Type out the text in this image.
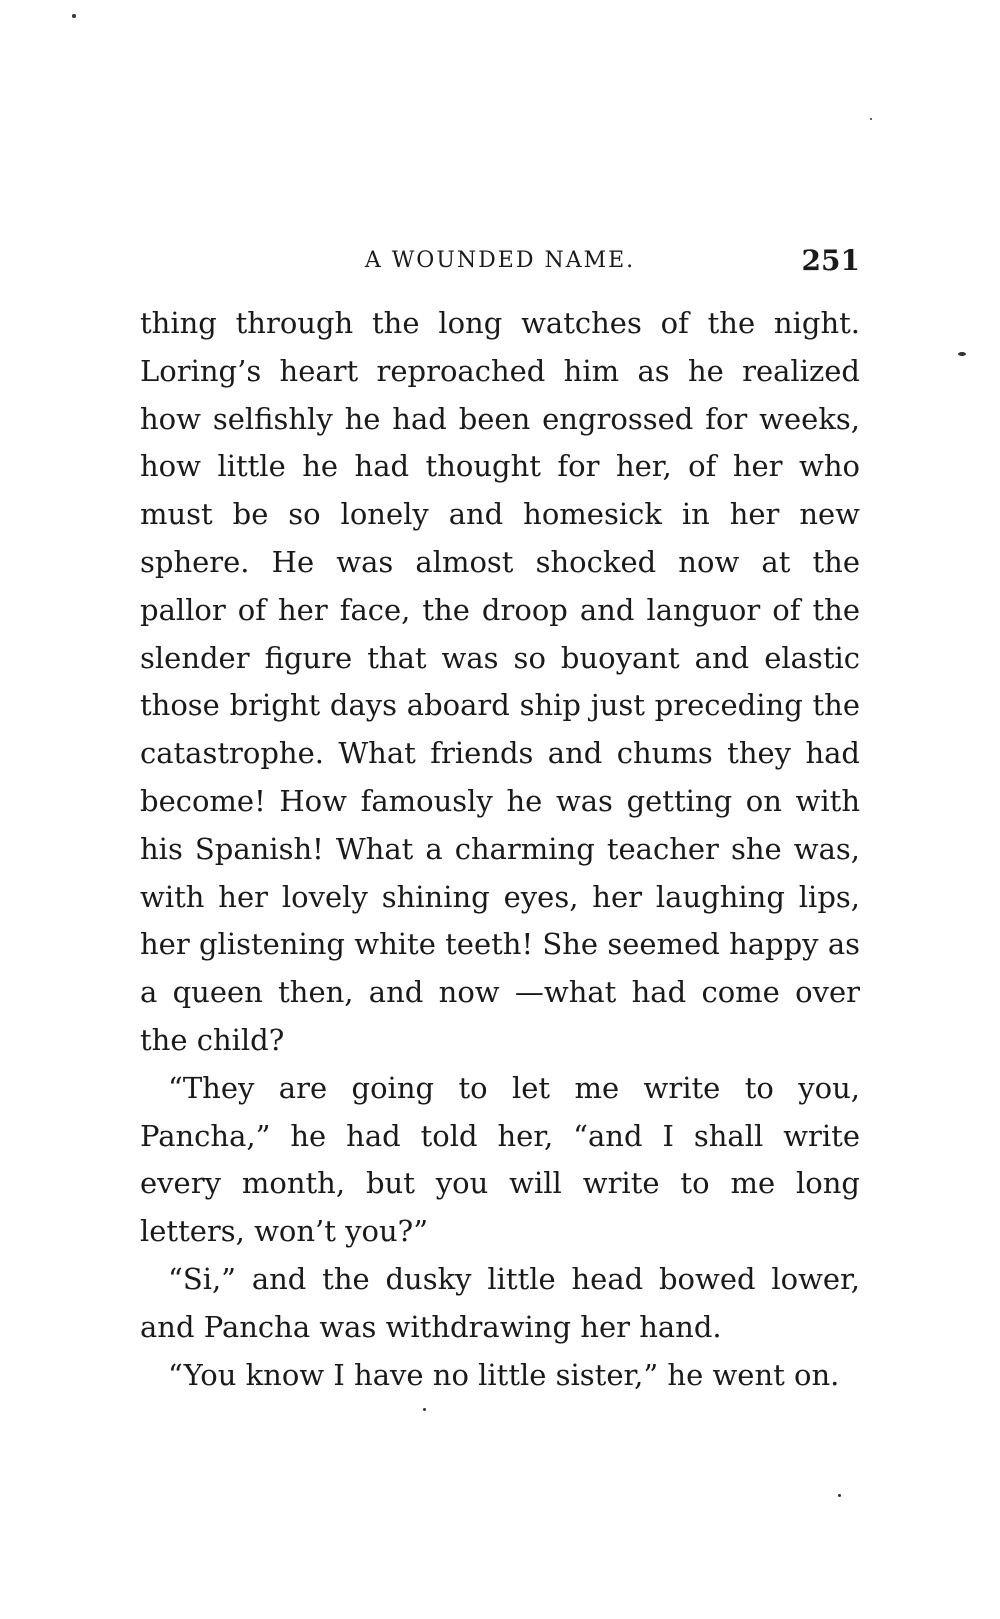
A WOUNDED NAME.	251

thing through the long watches of the night. Loring’s heart reproached him as he realized how selfishly he had been engrossed for weeks, how little he had thought for her, of her who must be so lonely and homesick in her new sphere. He was almost shocked now at the pallor of her face, the droop and languor of the slender figure that was so buoyant and elastic those bright days aboard ship just preceding the catastrophe. What friends and chums they had become! How famously he was getting on with his Spanish! What a charming teacher she was, with her lovely shining eyes, her laughing lips, her glistening white teeth! She seemed happy as a queen then, and now —what had come over the child?

“They are going to let me write to you, Pancha,” he had told her, “and I shall write every month, but you will write to me long letters, won’t you?”

“Si,” and the dusky little head bowed lower, and Pancha was withdrawing her hand.

“You know I have no little sister,” he went on.
